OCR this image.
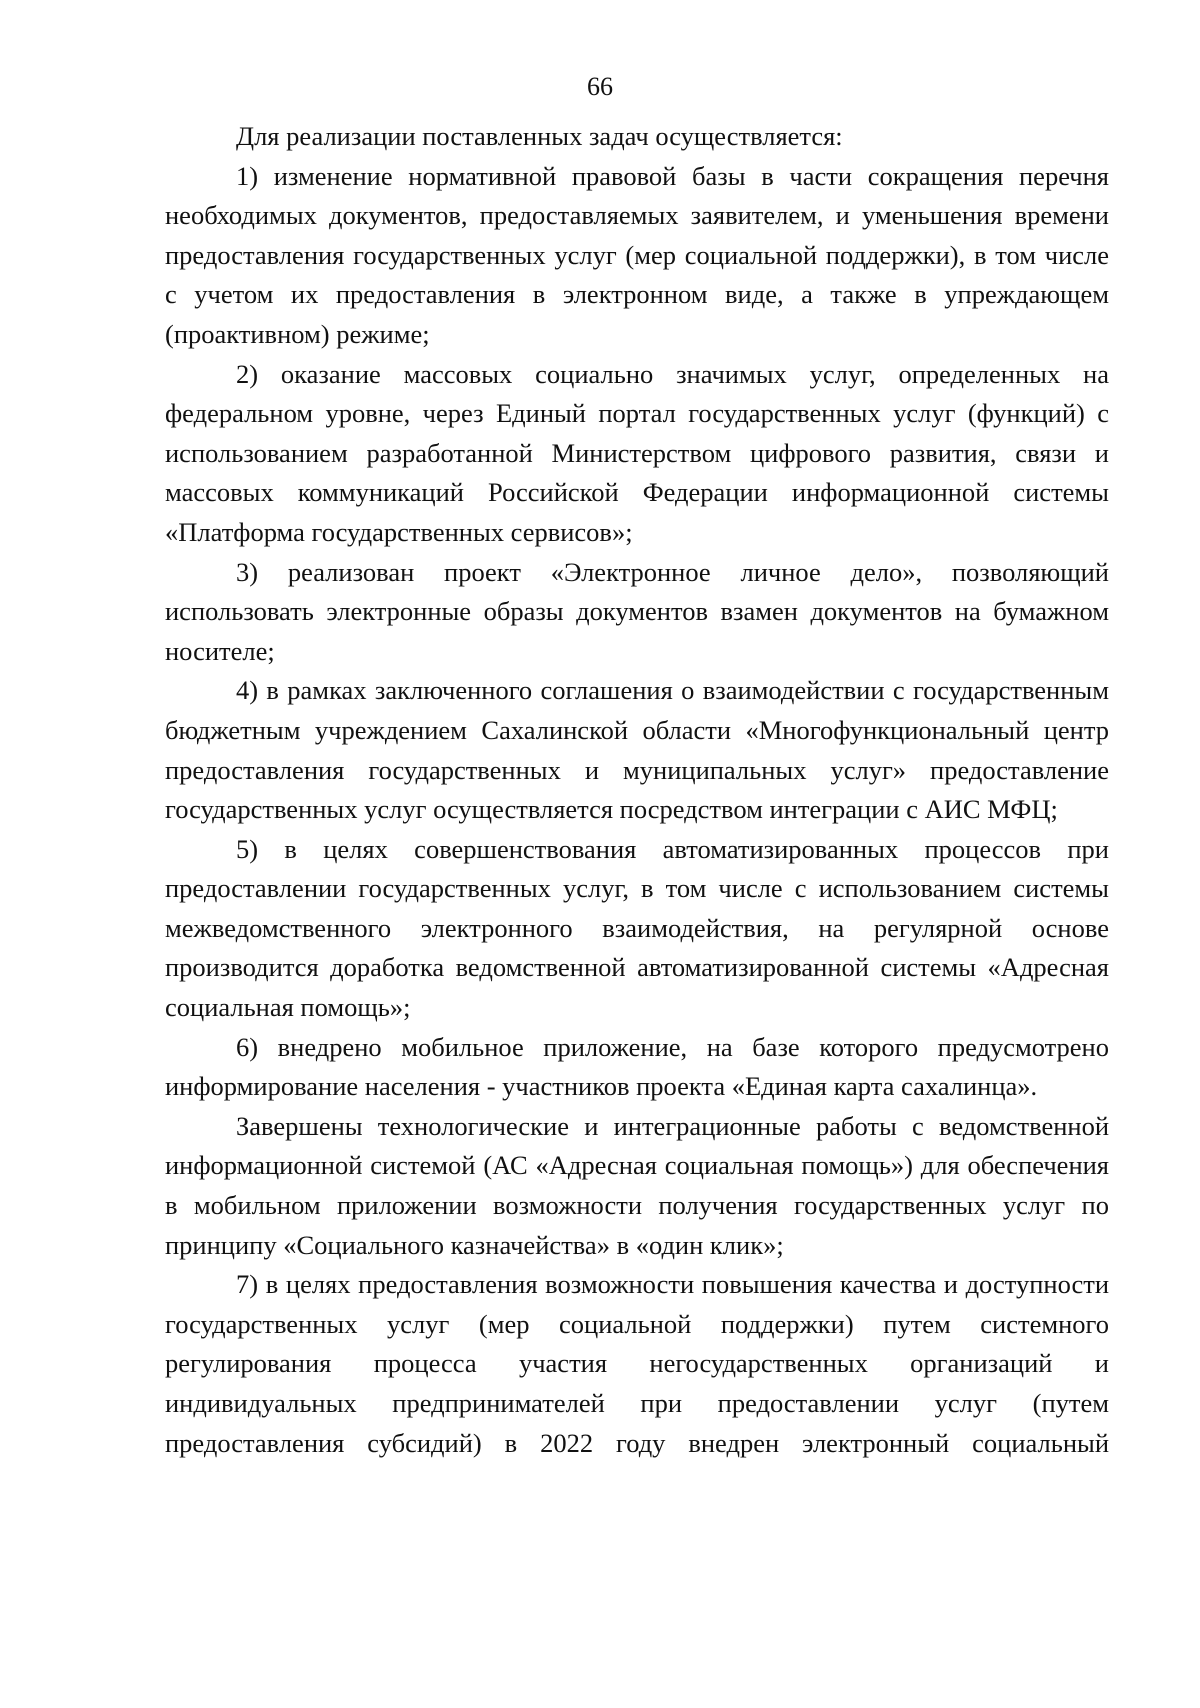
66

Для реализации поставленных задач осуществляется:

1) изменение нормативной правовой базы в части сокращения перечня необходимых документов, предоставляемых заявителем, и уменьшения времени предоставления государственных услуг (мер социальной поддержки), в том числе с учетом их предоставления в электронном виде, а также в упреждающем (проактивном) режиме;

2) оказание массовых социально значимых услуг, определенных на федеральном уровне, через Единый портал государственных услуг (функций) с использованием разработанной Министерством цифрового развития, связи и массовых коммуникаций Российской Федерации информационной системы «Платформа государственных сервисов»;

3) реализован проект «Электронное личное дело», позволяющий использовать электронные образы документов взамен документов на бумажном носителе;

4) в рамках заключенного соглашения о взаимодействии с государственным бюджетным учреждением Сахалинской области «Многофункциональный центр предоставления государственных и муниципальных услуг» предоставление государственных услуг осуществляется посредством интеграции с АИС МФЦ;

5) в целях совершенствования автоматизированных процессов при предоставлении государственных услуг, в том числе с использованием системы межведомственного электронного взаимодействия, на регулярной основе производится доработка ведомственной автоматизированной системы «Адресная социальная помощь»;

6) внедрено мобильное приложение, на базе которого предусмотрено информирование населения - участников проекта «Единая карта сахалинца».

Завершены технологические и интеграционные работы с ведомственной информационной системой (АС «Адресная социальная помощь») для обеспечения в мобильном приложении возможности получения государственных услуг по принципу «Социального казначейства» в «один клик»;

7) в целях предоставления возможности повышения качества и доступности государственных услуг (мер социальной поддержки) путем системного регулирования процесса участия негосударственных организаций и индивидуальных предпринимателей при предоставлении услуг (путем предоставления субсидий) в 2022 году внедрен электронный социальный
